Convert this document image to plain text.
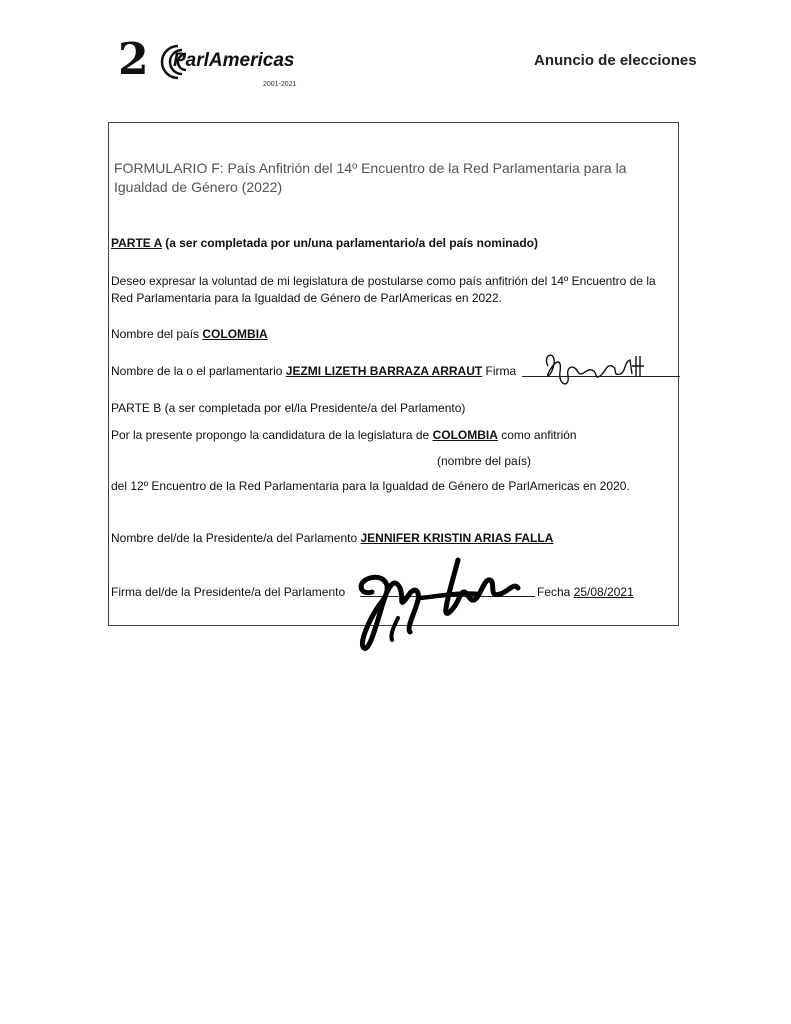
2 ParlAmericas
2001-2021
Anuncio de elecciones
FORMULARIO F: País Anfitrión del 14º Encuentro de la Red Parlamentaria para la
Igualdad de Género (2022)
PARTE A (a ser completada por un/una parlamentario/a del país nominado)
Deseo expresar la voluntad de mi legislatura de postularse como país anfitrión del 14º Encuentro de la
Red Parlamentaria para la Igualdad de Género de ParlAmericas en 2022.
Nombre del país COLOMBIA
Nombre de la o el parlamentario JEZMI LIZETH BARRAZA ARRAUT Firma
PARTE B (a ser completada por el/la Presidente/a del Parlamento)
Por la presente propongo la candidatura de la legislatura de COLOMBIA como anfitrión
(nombre del país)
del 12º Encuentro de la Red Parlamentaria para la Igualdad de Género de ParlAmericas en 2020.
Nombre del/de la Presidente/a del Parlamento JENNIFER KRISTIN ARIAS FALLA
Firma del/de la Presidente/a del Parlamento	Fecha 25/08/2021
